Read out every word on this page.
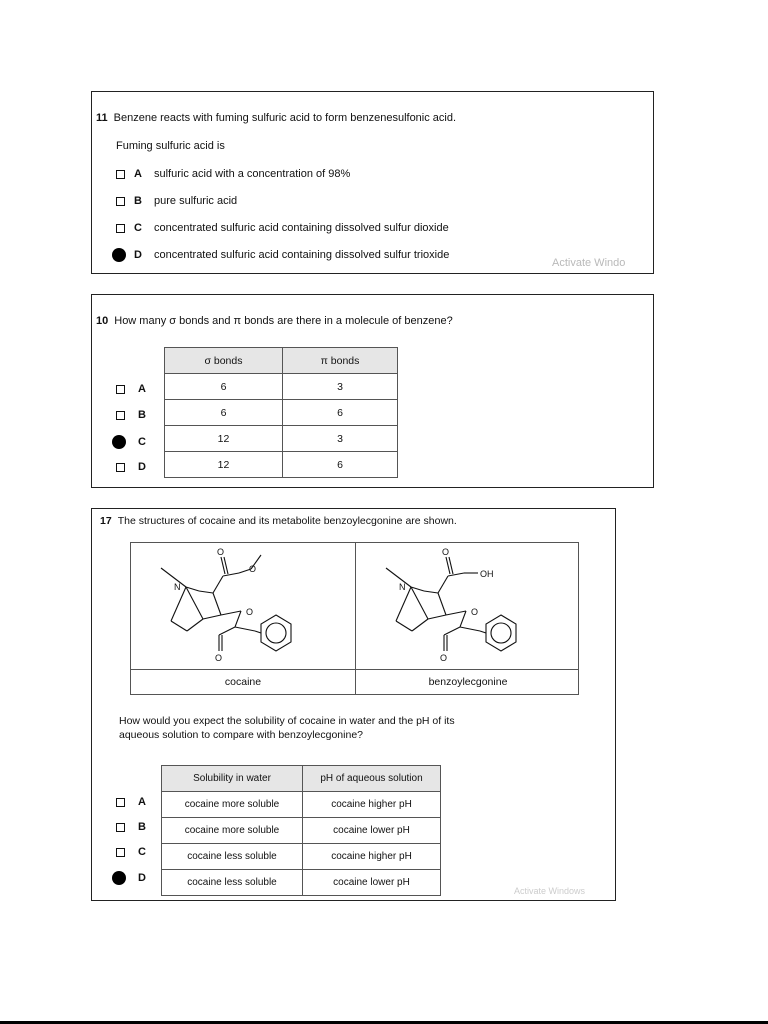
11 Benzene reacts with fuming sulfuric acid to form benzenesulfonic acid.
Fuming sulfuric acid is
A	sulfuric acid with a concentration of 98%
B	pure sulfuric acid
C	concentrated sulfuric acid containing dissolved sulfur dioxide
D	concentrated sulfuric acid containing dissolved sulfur trioxide
Activate Windo
10 How many σ bonds and π bonds are there in a molecule of benzene?
σ bonds	π bonds
6	3
6	6
12	3
12	6
A
B
C
D
17 The structures of cocaine and its metabolite benzoylecgonine are shown.
N
O
O
O
O
N
O
OH
O
O
cocaine	benzoylecgonine
How would you expect the solubility of cocaine in water and the pH of its
aqueous solution to compare with benzoylecgonine?
Solubility in water	pH of aqueous solution
cocaine more soluble	cocaine higher pH
cocaine more soluble	cocaine lower pH
cocaine less soluble	cocaine higher pH
cocaine less soluble	cocaine lower pH
A
B
C
D
Activate Windows
